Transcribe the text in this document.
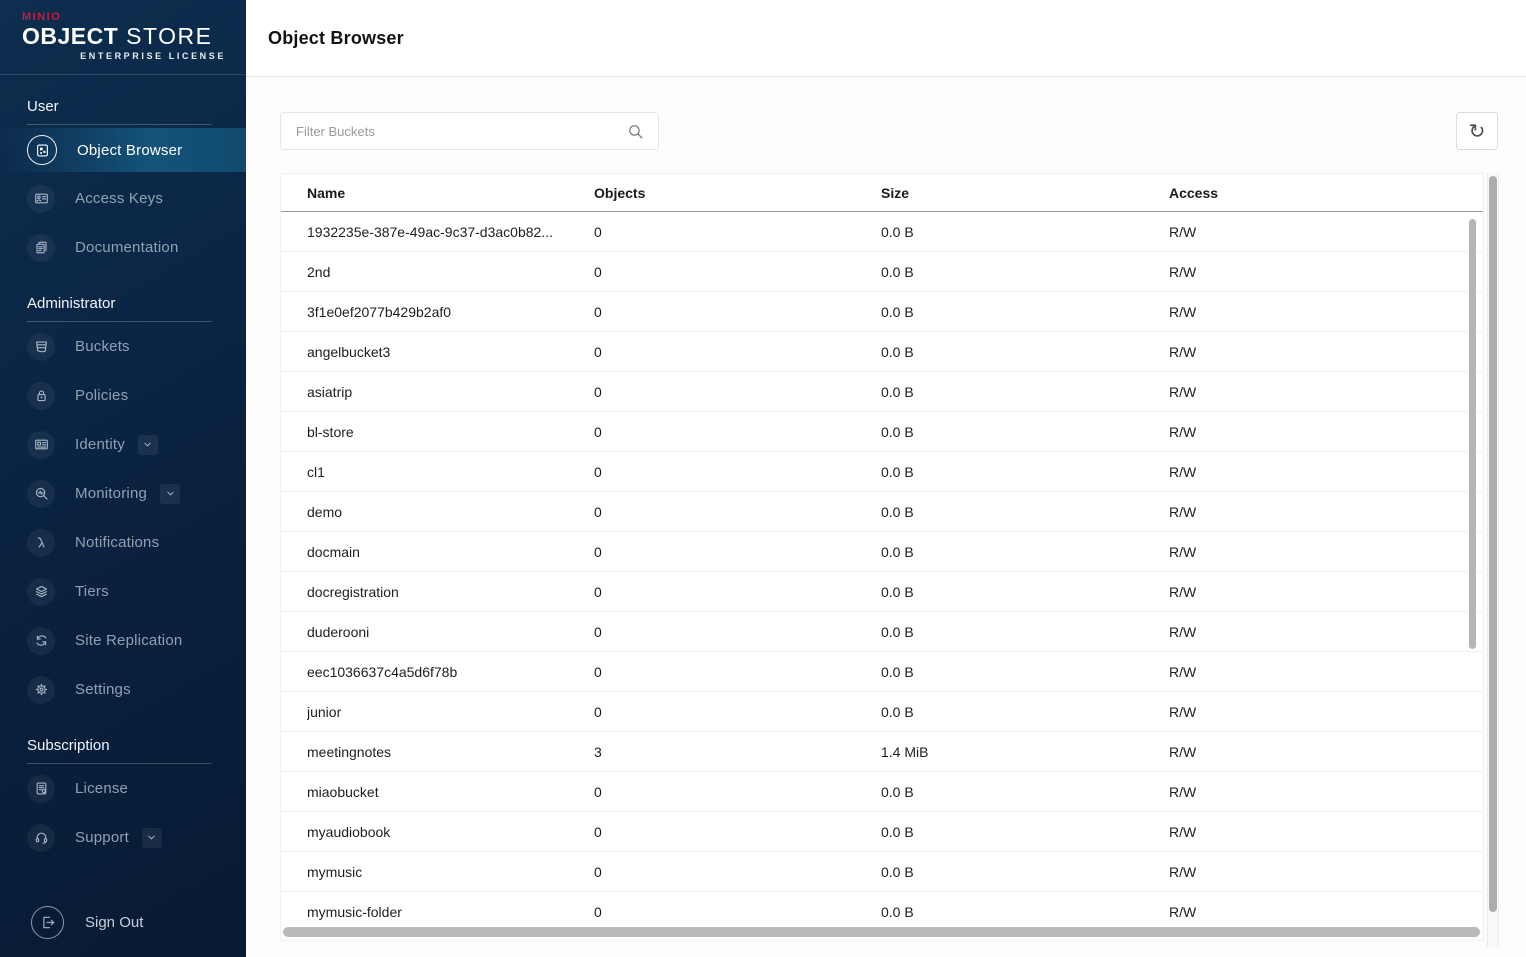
MINIO
OBJECT STORE
ENTERPRISE LICENSE
User
Object Browser
Access Keys
Documentation
Administrator
Buckets
Policies
Identity
Monitoring
Notifications
Tiers
Site Replication
Settings
Subscription
License
Support
Sign Out
Object Browser
Filter Buckets
↻
Name	Objects	Size	Access
1932235e-387e-49ac-9c37-d3ac0b82...	0	0.0 B	R/W
2nd	0	0.0 B	R/W
3f1e0ef2077b429b2af0	0	0.0 B	R/W
angelbucket3	0	0.0 B	R/W
asiatrip	0	0.0 B	R/W
bl-store	0	0.0 B	R/W
cl1	0	0.0 B	R/W
demo	0	0.0 B	R/W
docmain	0	0.0 B	R/W
docregistration	0	0.0 B	R/W
duderooni	0	0.0 B	R/W
eec1036637c4a5d6f78b	0	0.0 B	R/W
junior	0	0.0 B	R/W
meetingnotes	3	1.4 MiB	R/W
miaobucket	0	0.0 B	R/W
myaudiobook	0	0.0 B	R/W
mymusic	0	0.0 B	R/W
mymusic-folder	0	0.0 B	R/W
